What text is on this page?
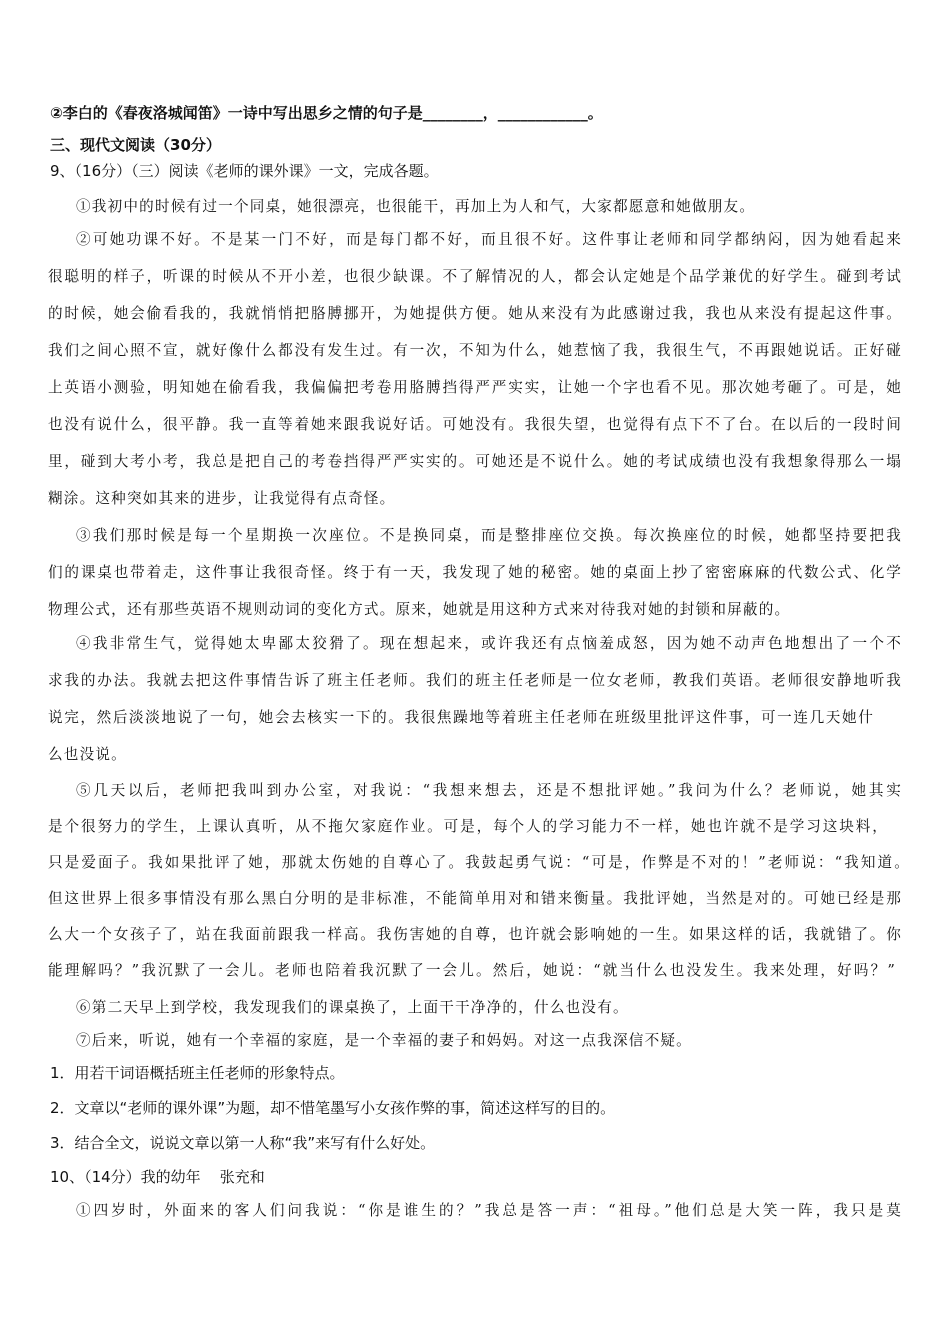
②李白的《春夜洛城闻笛》一诗中写出思乡之情的句子是________，____________。
三、现代文阅读（30分）
9、（16分）（三）阅读《老师的课外课》一文，完成各题。
①我初中的时候有过一个同桌，她很漂亮，也很能干，再加上为人和气，大家都愿意和她做朋友。
②可她功课不好。不是某一门不好，而是每门都不好，而且很不好。这件事让老师和同学都纳闷，因为她看起来
很聪明的样子，听课的时候从不开小差，也很少缺课。不了解情况的人，都会认定她是个品学兼优的好学生。碰到考试
的时候，她会偷看我的，我就悄悄把胳膊挪开，为她提供方便。她从来没有为此感谢过我，我也从来没有提起这件事。
我们之间心照不宣，就好像什么都没有发生过。有一次，不知为什么，她惹恼了我，我很生气，不再跟她说话。正好碰
上英语小测验，明知她在偷看我，我偏偏把考卷用胳膊挡得严严实实，让她一个字也看不见。那次她考砸了。可是，她
也没有说什么，很平静。我一直等着她来跟我说好话。可她没有。我很失望，也觉得有点下不了台。在以后的一段时间
里，碰到大考小考，我总是把自己的考卷挡得严严实实的。可她还是不说什么。她的考试成绩也没有我想象得那么一塌
糊涂。这种突如其来的进步，让我觉得有点奇怪。
③我们那时候是每一个星期换一次座位。不是换同桌，而是整排座位交换。每次换座位的时候，她都坚持要把我
们的课桌也带着走，这件事让我很奇怪。终于有一天，我发现了她的秘密。她的桌面上抄了密密麻麻的代数公式、化学
物理公式，还有那些英语不规则动词的变化方式。原来，她就是用这种方式来对待我对她的封锁和屏蔽的。
④我非常生气，觉得她太卑鄙太狡猾了。现在想起来，或许我还有点恼羞成怒，因为她不动声色地想出了一个不
求我的办法。我就去把这件事情告诉了班主任老师。我们的班主任老师是一位女老师，教我们英语。老师很安静地听我
说完，然后淡淡地说了一句，她会去核实一下的。我很焦躁地等着班主任老师在班级里批评这件事，可一连几天她什
么也没说。
⑤几天以后，老师把我叫到办公室，对我说：“我想来想去，还是不想批评她。”我问为什么？老师说，她其实
是个很努力的学生，上课认真听，从不拖欠家庭作业。可是，每个人的学习能力不一样，她也许就不是学习这块料，
只是爱面子。我如果批评了她，那就太伤她的自尊心了。我鼓起勇气说：“可是，作弊是不对的！”老师说：“我知道。
但这世界上很多事情没有那么黑白分明的是非标准，不能简单用对和错来衡量。我批评她，当然是对的。可她已经是那
么大一个女孩子了，站在我面前跟我一样高。我伤害她的自尊，也许就会影响她的一生。如果这样的话，我就错了。你
能理解吗？”我沉默了一会儿。老师也陪着我沉默了一会儿。然后，她说：“就当什么也没发生。我来处理，好吗？”
⑥第二天早上到学校，我发现我们的课桌换了，上面干干净净的，什么也没有。
⑦后来，听说，她有一个幸福的家庭，是一个幸福的妻子和妈妈。对这一点我深信不疑。
1．用若干词语概括班主任老师的形象特点。
2．文章以“老师的课外课”为题，却不惜笔墨写小女孩作弊的事，简述这样写的目的。
3．结合全文，说说文章以第一人称“我”来写有什么好处。
10、（14分）我的幼年    张充和
①四岁时，外面来的客人们问我说：“你是谁生的？”我总是答一声：“祖母。”他们总是大笑一阵，我只是莫
